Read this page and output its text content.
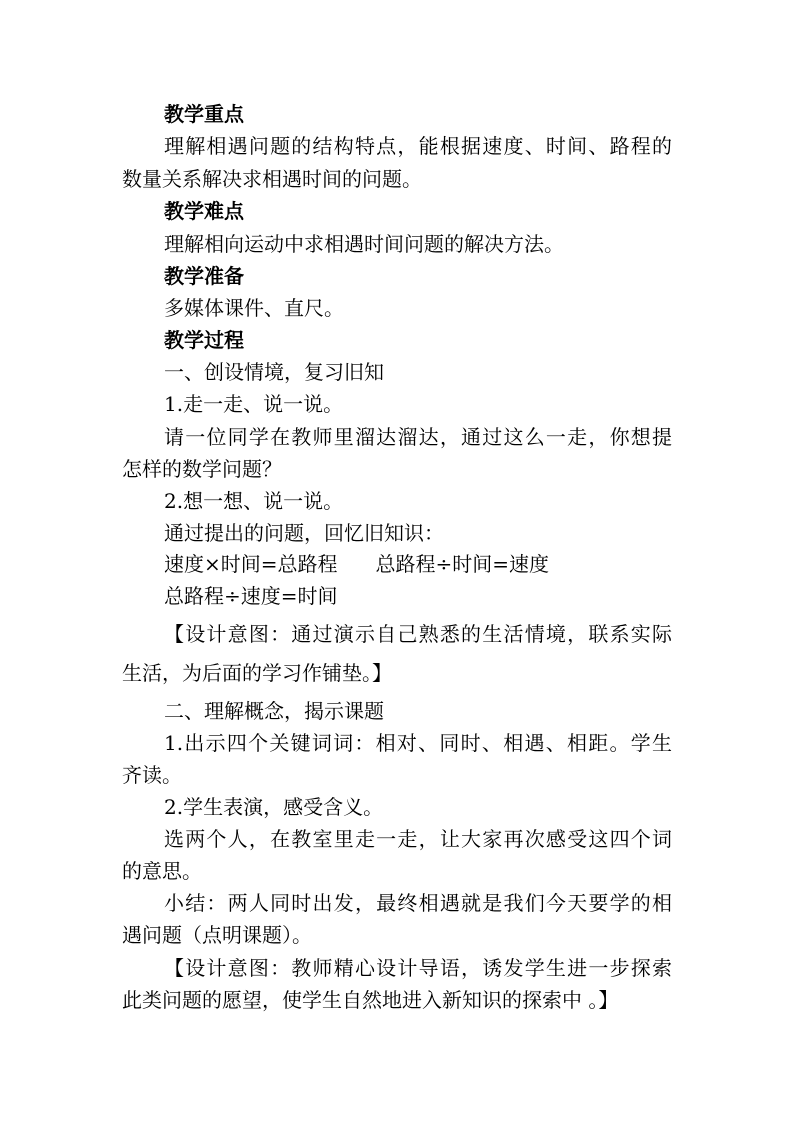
教学重点
理解相遇问题的结构特点，能根据速度、时间、路程的
数量关系解决求相遇时间的问题。
教学难点
理解相向运动中求相遇时间问题的解决方法。
教学准备
多媒体课件、直尺。
教学过程
一、创设情境，复习旧知
1.走一走、说一说。
请一位同学在教师里溜达溜达，通过这么一走，你想提
怎样的数学问题？
2.想一想、说一说。
通过提出的问题，回忆旧知识：
速度×时间=总路程 总路程÷时间=速度
总路程÷速度=时间
【设计意图：通过演示自己熟悉的生活情境，联系实际
生活，为后面的学习作铺垫。】
二、理解概念，揭示课题
1.出示四个关键词词：相对、同时、相遇、相距。学生
齐读。
2.学生表演，感受含义。
选两个人，在教室里走一走，让大家再次感受这四个词
的意思。
小结：两人同时出发，最终相遇就是我们今天要学的相
遇问题（点明课题）。
【设计意图：教师精心设计导语，诱发学生进一步探索
此类问题的愿望，使学生自然地进入新知识的探索中 。】
